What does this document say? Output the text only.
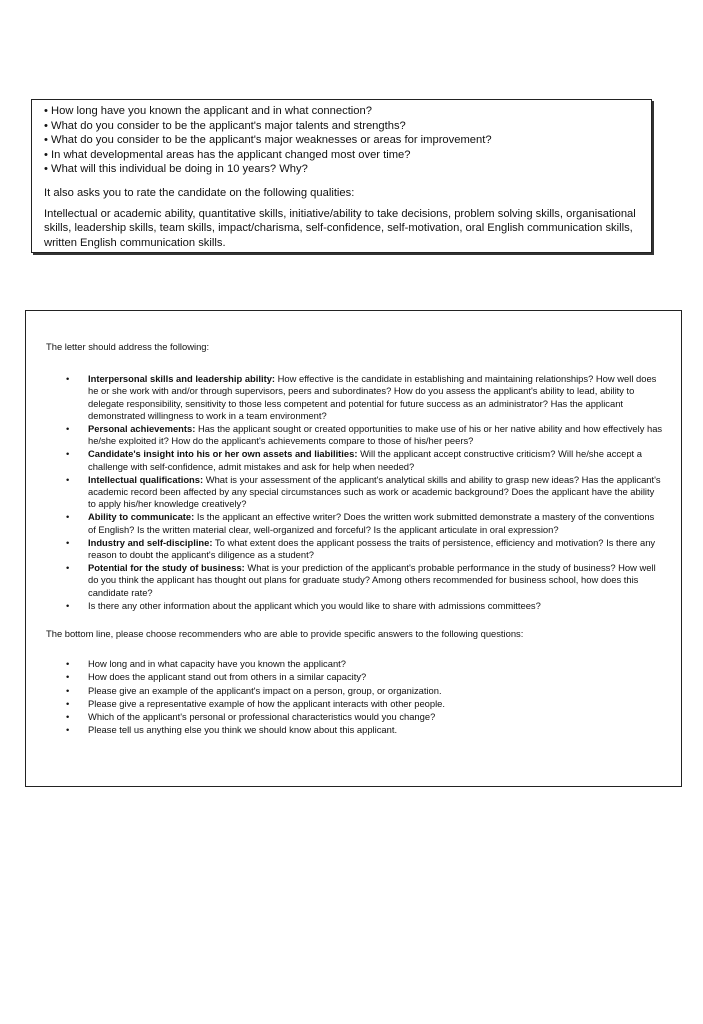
• How long have you known the applicant and in what connection?
• What do you consider to be the applicant's major talents and strengths?
• What do you consider to be the applicant's major weaknesses or areas for improvement?
• In what developmental areas has the applicant changed most over time?
• What will this individual be doing in 10 years? Why?
It also asks you to rate the candidate on the following qualities:
Intellectual or academic ability, quantitative skills, initiative/ability to take decisions, problem solving skills, organisational skills, leadership skills, team skills, impact/charisma, self-confidence, self-motivation, oral English communication skills, written English communication skills.
The letter should address the following:
• Interpersonal skills and leadership ability: How effective is the candidate in establishing and maintaining relationships? How well does he or she work with and/or through supervisors, peers and subordinates? How do you assess the applicant's ability to lead, ability to delegate responsibility, sensitivity to those less competent and potential for future success as an administrator? Has the applicant demonstrated willingness to work in a team environment?
• Personal achievements: Has the applicant sought or created opportunities to make use of his or her native ability and how effectively has he/she exploited it? How do the applicant's achievements compare to those of his/her peers?
• Candidate's insight into his or her own assets and liabilities: Will the applicant accept constructive criticism? Will he/she accept a challenge with self-confidence, admit mistakes and ask for help when needed?
• Intellectual qualifications: What is your assessment of the applicant's analytical skills and ability to grasp new ideas? Has the applicant's academic record been affected by any special circumstances such as work or academic background? Does the applicant have the ability to apply his/her knowledge creatively?
• Ability to communicate: Is the applicant an effective writer? Does the written work submitted demonstrate a mastery of the conventions of English? Is the written material clear, well-organized and forceful? Is the applicant articulate in oral expression?
• Industry and self-discipline: To what extent does the applicant possess the traits of persistence, efficiency and motivation? Is there any reason to doubt the applicant's diligence as a student?
• Potential for the study of business: What is your prediction of the applicant's probable performance in the study of business? How well do you think the applicant has thought out plans for graduate study? Among others recommended for business school, how does this candidate rate?
• Is there any other information about the applicant which you would like to share with admissions committees?
The bottom line, please choose recommenders who are able to provide specific answers to the following questions:
• How long and in what capacity have you known the applicant?
• How does the applicant stand out from others in a similar capacity?
• Please give an example of the applicant's impact on a person, group, or organization.
• Please give a representative example of how the applicant interacts with other people.
• Which of the applicant's personal or professional characteristics would you change?
• Please tell us anything else you think we should know about this applicant.
